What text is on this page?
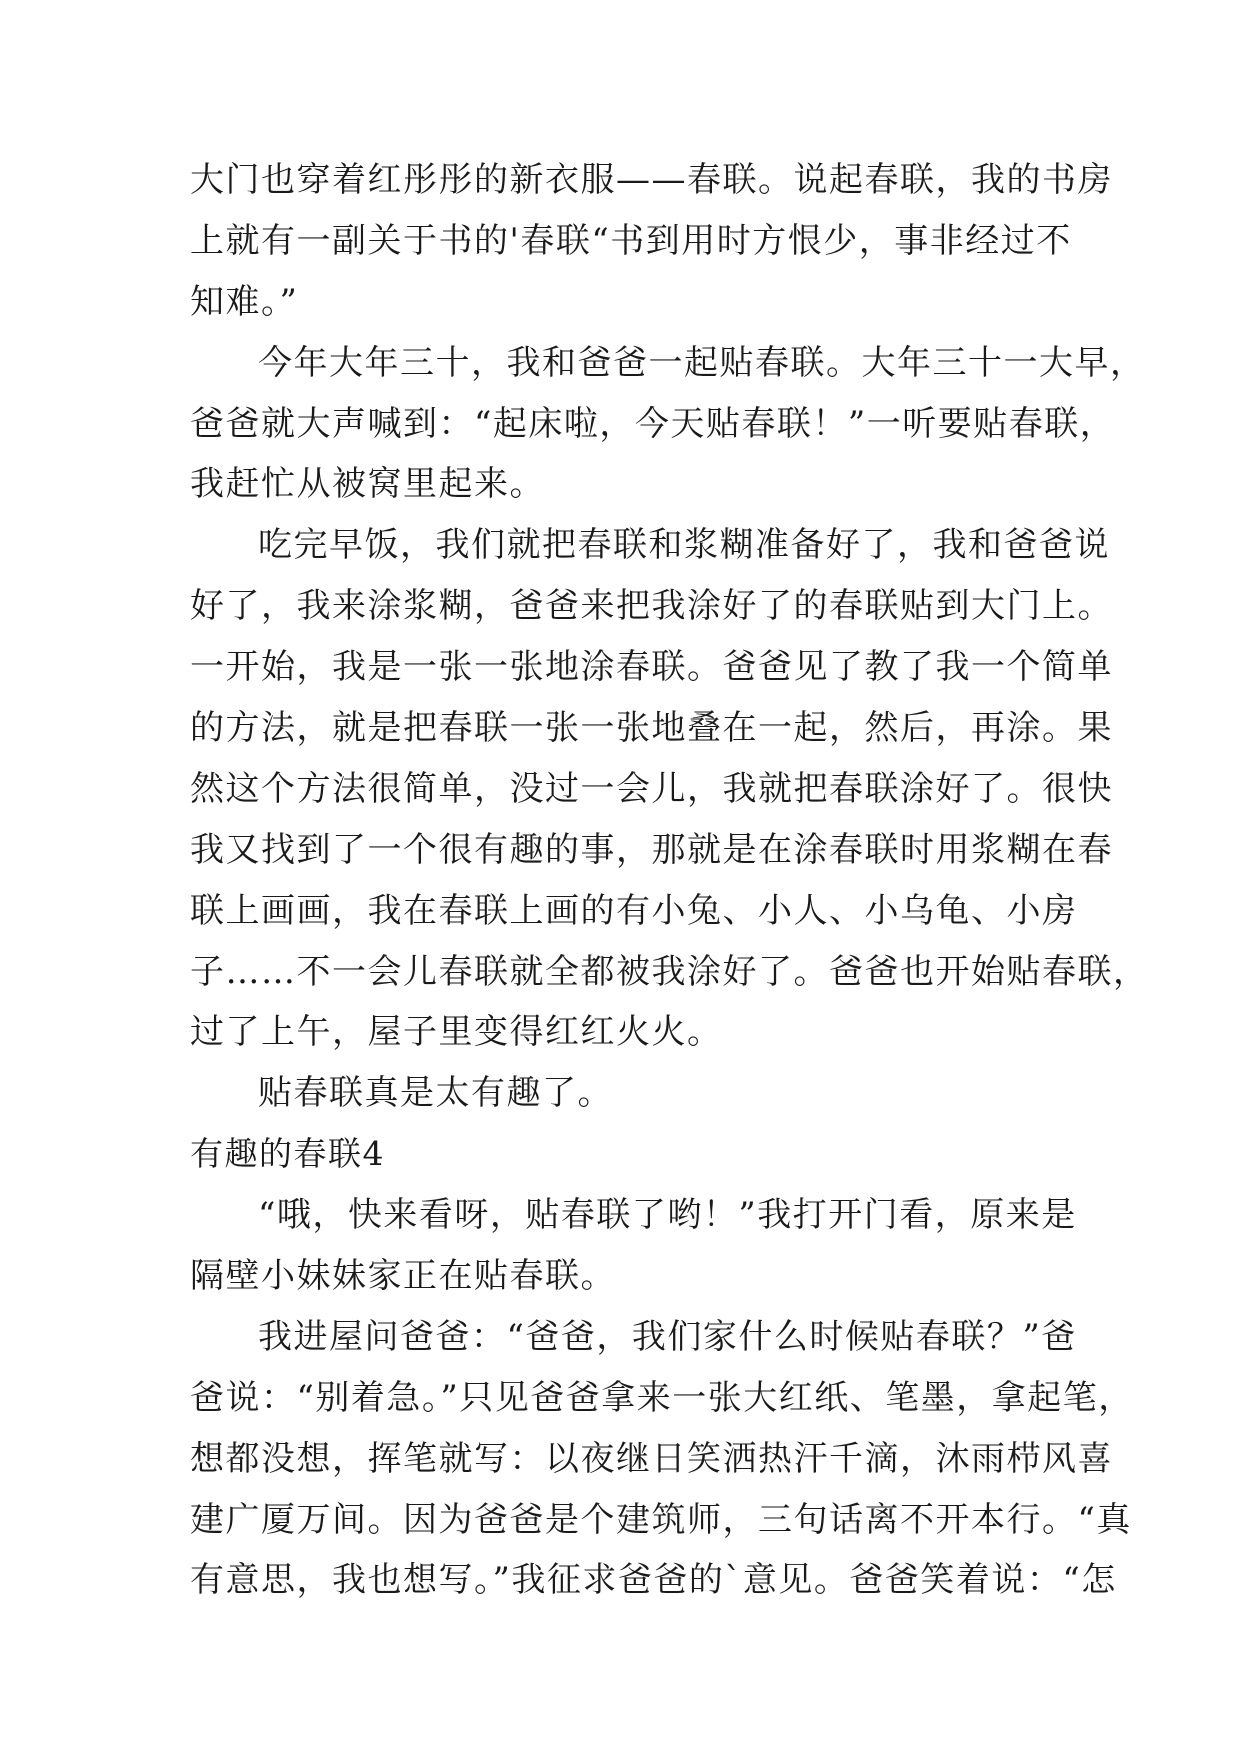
大门也穿着红彤彤的新衣服——春联。说起春联，我的书房
上就有一副关于书的'春联“书到用时方恨少，事非经过不
知难。”
今年大年三十，我和爸爸一起贴春联。大年三十一大早，
爸爸就大声喊到：“起床啦，今天贴春联！”一听要贴春联，
我赶忙从被窝里起来。
吃完早饭，我们就把春联和浆糊准备好了，我和爸爸说
好了，我来涂浆糊，爸爸来把我涂好了的春联贴到大门上。
一开始，我是一张一张地涂春联。爸爸见了教了我一个简单
的方法，就是把春联一张一张地叠在一起，然后，再涂。果
然这个方法很简单，没过一会儿，我就把春联涂好了。很快
我又找到了一个很有趣的事，那就是在涂春联时用浆糊在春
联上画画，我在春联上画的有小兔、小人、小乌龟、小房
子……不一会儿春联就全都被我涂好了。爸爸也开始贴春联，
过了上午，屋子里变得红红火火。
贴春联真是太有趣了。
有趣的春联4
“哦，快来看呀，贴春联了哟！”我打开门看，原来是
隔壁小妹妹家正在贴春联。
我进屋问爸爸：“爸爸，我们家什么时候贴春联？”爸
爸说：“别着急。”只见爸爸拿来一张大红纸、笔墨，拿起笔，
想都没想，挥笔就写：以夜继日笑洒热汗千滴，沐雨栉风喜
建广厦万间。因为爸爸是个建筑师，三句话离不开本行。“真
有意思，我也想写。”我征求爸爸的`意见。爸爸笑着说：“怎
